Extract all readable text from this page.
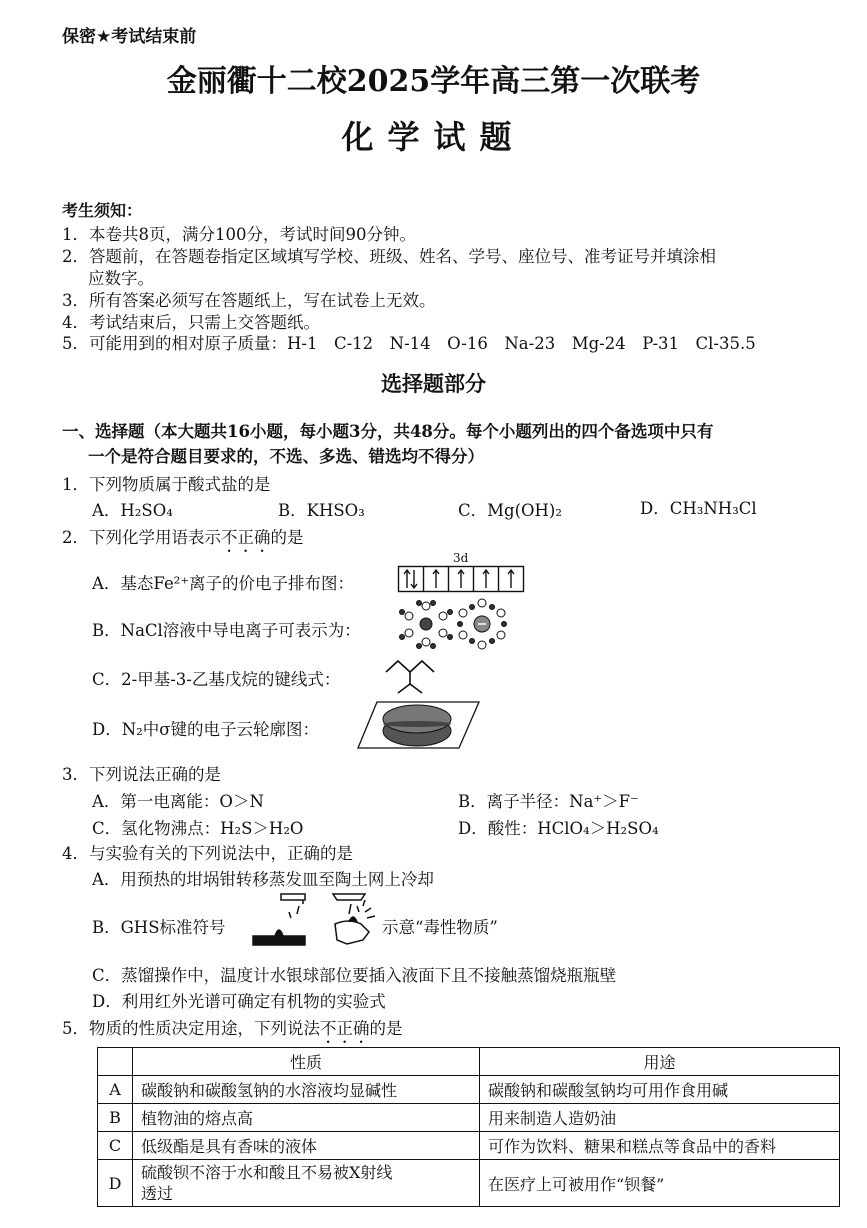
保密★考试结束前
金丽衢十二校2025学年高三第一次联考
化学试题
考生须知：
1．本卷共8页，满分100分，考试时间90分钟。
2．答题前，在答题卷指定区域填写学校、班级、姓名、学号、座位号、准考证号并填涂相
应数字。
3．所有答案必须写在答题纸上，写在试卷上无效。
4．考试结束后，只需上交答题纸。
5．可能用到的相对原子质量：H-1　C-12　N-14　O-16　Na-23　Mg-24　P-31　Cl-35.5
选择题部分
一、选择题（本大题共16小题，每小题3分，共48分。每个小题列出的四个备选项中只有
一个是符合题目要求的，不选、多选、错选均不得分）
1．下列物质属于酸式盐的是
A．H₂SO₄	B．KHSO₃	C．Mg(OH)₂	D．CH₃NH₃Cl
2．下列化学用语表示不正确的是
A．基态Fe²⁺离子的价电子排布图：
3d
B．NaCl溶液中导电离子可表示为：
C．2-甲基-3-乙基戊烷的键线式：
D．N₂中σ键的电子云轮廓图：
3．下列说法正确的是
A．第一电离能：O＞N	B．离子半径：Na⁺＞F⁻
C．氢化物沸点：H₂S＞H₂O	D．酸性：HClO₄＞H₂SO₄
4．与实验有关的下列说法中，正确的是
A．用预热的坩埚钳转移蒸发皿至陶土网上冷却
B．GHS标准符号	示意“毒性物质”
C．蒸馏操作中，温度计水银球部位要插入液面下且不接触蒸馏烧瓶瓶壁
D．利用红外光谱可确定有机物的实验式
5．物质的性质决定用途，下列说法不正确的是
	性质	用途
A	碳酸钠和碳酸氢钠的水溶液均显碱性	碳酸钠和碳酸氢钠均可用作食用碱
B	植物油的熔点高	用来制造人造奶油
C	低级酯是具有香味的液体	可作为饮料、糖果和糕点等食品中的香料
D	硫酸钡不溶于水和酸且不易被X射线
透过	在医疗上可被用作“钡餐”
